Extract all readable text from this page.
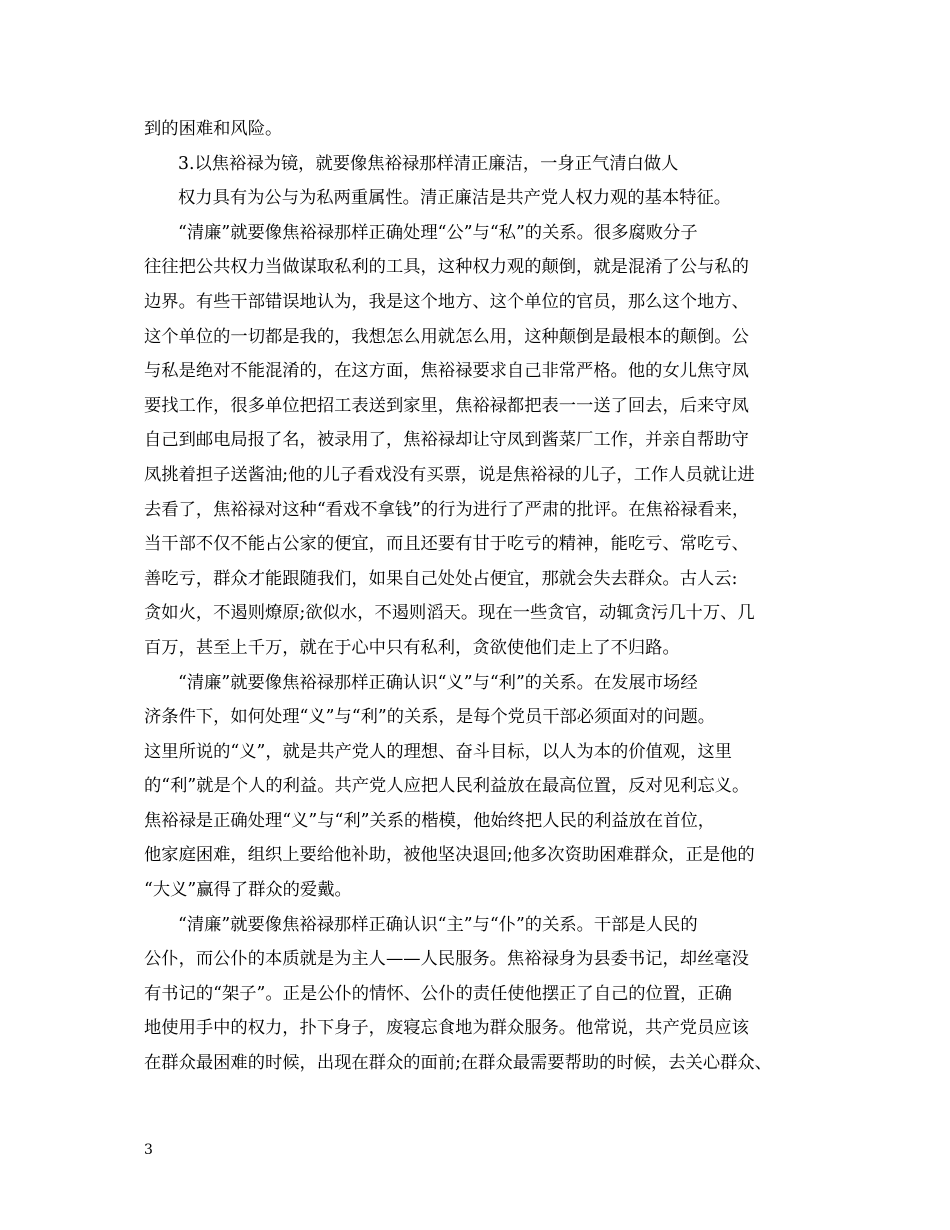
到的困难和风险。
3.以焦裕禄为镜，就要像焦裕禄那样清正廉洁，一身正气清白做人
权力具有为公与为私两重属性。清正廉洁是共产党人权力观的基本特征。
“清廉”就要像焦裕禄那样正确处理“公”与“私”的关系。很多腐败分子
往往把公共权力当做谋取私利的工具，这种权力观的颠倒，就是混淆了公与私的
边界。有些干部错误地认为，我是这个地方、这个单位的官员，那么这个地方、
这个单位的一切都是我的，我想怎么用就怎么用，这种颠倒是最根本的颠倒。公
与私是绝对不能混淆的，在这方面，焦裕禄要求自己非常严格。他的女儿焦守凤
要找工作，很多单位把招工表送到家里，焦裕禄都把表一一送了回去，后来守凤
自己到邮电局报了名，被录用了，焦裕禄却让守凤到酱菜厂工作，并亲自帮助守
凤挑着担子送酱油;他的儿子看戏没有买票，说是焦裕禄的儿子，工作人员就让进
去看了，焦裕禄对这种“看戏不拿钱”的行为进行了严肃的批评。在焦裕禄看来，
当干部不仅不能占公家的便宜，而且还要有甘于吃亏的精神，能吃亏、常吃亏、
善吃亏，群众才能跟随我们，如果自己处处占便宜，那就会失去群众。古人云:
贪如火，不遏则燎原;欲似水，不遏则滔天。现在一些贪官，动辄贪污几十万、几
百万，甚至上千万，就在于心中只有私利，贪欲使他们走上了不归路。
“清廉”就要像焦裕禄那样正确认识“义”与“利”的关系。在发展市场经
济条件下，如何处理“义”与“利”的关系，是每个党员干部必须面对的问题。
这里所说的“义”，就是共产党人的理想、奋斗目标，以人为本的价值观，这里
的“利”就是个人的利益。共产党人应把人民利益放在最高位置，反对见利忘义。
焦裕禄是正确处理“义”与“利”关系的楷模，他始终把人民的利益放在首位，
他家庭困难，组织上要给他补助，被他坚决退回;他多次资助困难群众，正是他的
“大义”赢得了群众的爱戴。
“清廉”就要像焦裕禄那样正确认识“主”与“仆”的关系。干部是人民的
公仆，而公仆的本质就是为主人——人民服务。焦裕禄身为县委书记，却丝毫没
有书记的“架子”。正是公仆的情怀、公仆的责任使他摆正了自己的位置，正确
地使用手中的权力，扑下身子，废寝忘食地为群众服务。他常说，共产党员应该
在群众最困难的时候，出现在群众的面前;在群众最需要帮助的时候，去关心群众、
3
